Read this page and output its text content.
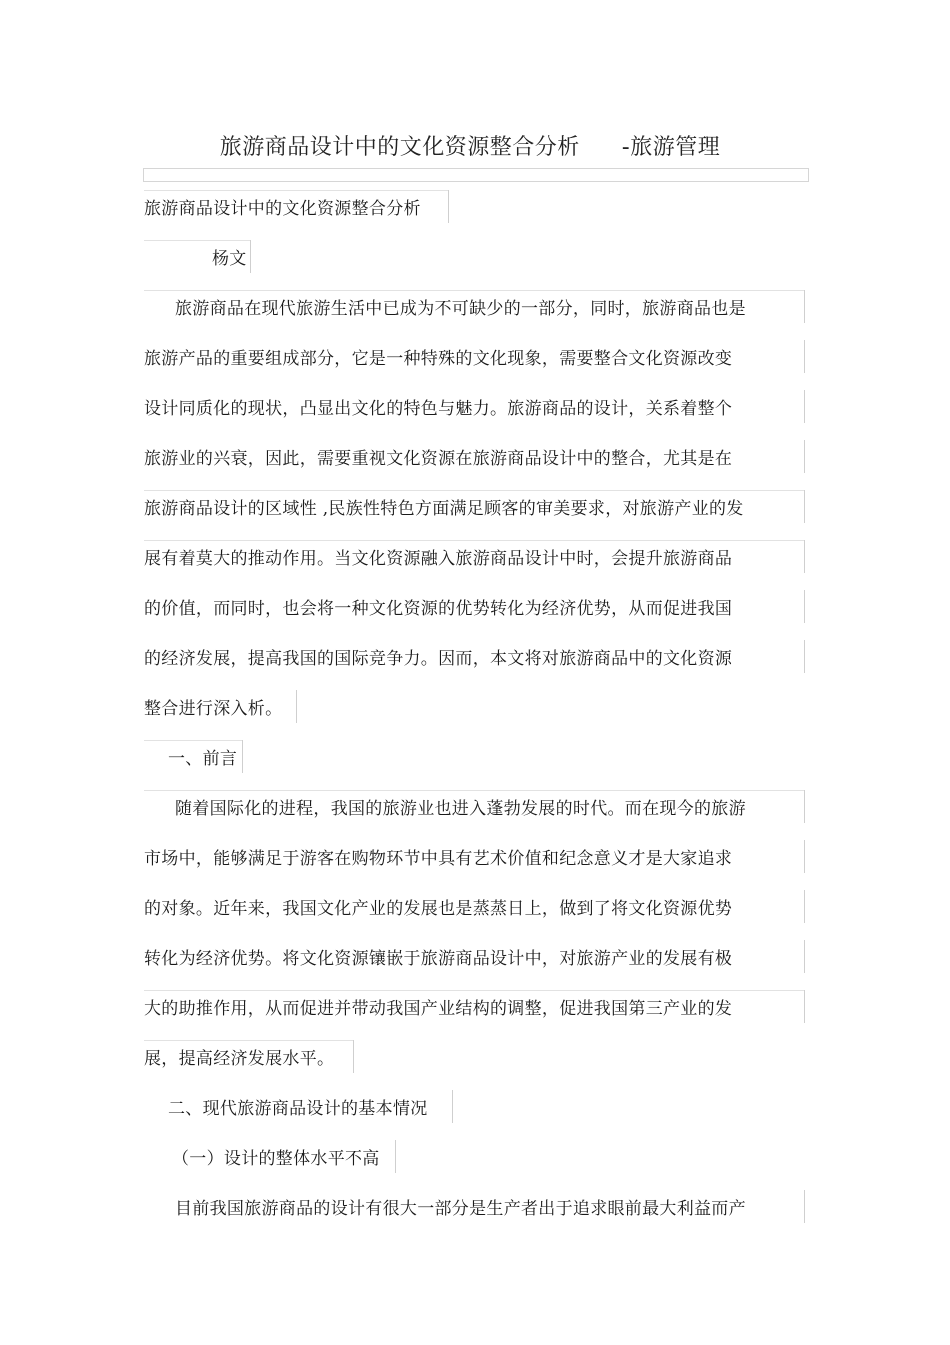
旅游商品设计中的文化资源整合分析 -旅游管理
旅游商品设计中的文化资源整合分析
杨文
旅游商品在现代旅游生活中已成为不可缺少的一部分，同时，旅游商品也是
旅游产品的重要组成部分，它是一种特殊的文化现象，需要整合文化资源改变
设计同质化的现状，凸显出文化的特色与魅力。旅游商品的设计，关系着整个
旅游业的兴衰，因此，需要重视文化资源在旅游商品设计中的整合，尤其是在
旅游商品设计的区域性 ,民族性特色方面满足顾客的审美要求，对旅游产业的发
展有着莫大的推动作用。当文化资源融入旅游商品设计中时，会提升旅游商品
的价值，而同时，也会将一种文化资源的优势转化为经济优势，从而促进我国
的经济发展，提高我国的国际竞争力。因而，本文将对旅游商品中的文化资源
整合进行深入析。
一、前言
随着国际化的进程，我国的旅游业也进入蓬勃发展的时代。而在现今的旅游
市场中，能够满足于游客在购物环节中具有艺术价值和纪念意义才是大家追求
的对象。近年来，我国文化产业的发展也是蒸蒸日上，做到了将文化资源优势
转化为经济优势。将文化资源镶嵌于旅游商品设计中，对旅游产业的发展有极
大的助推作用，从而促进并带动我国产业结构的调整，促进我国第三产业的发
展，提高经济发展水平。
二、现代旅游商品设计的基本情况
（一）设计的整体水平不高
目前我国旅游商品的设计有很大一部分是生产者出于追求眼前最大利益而产
